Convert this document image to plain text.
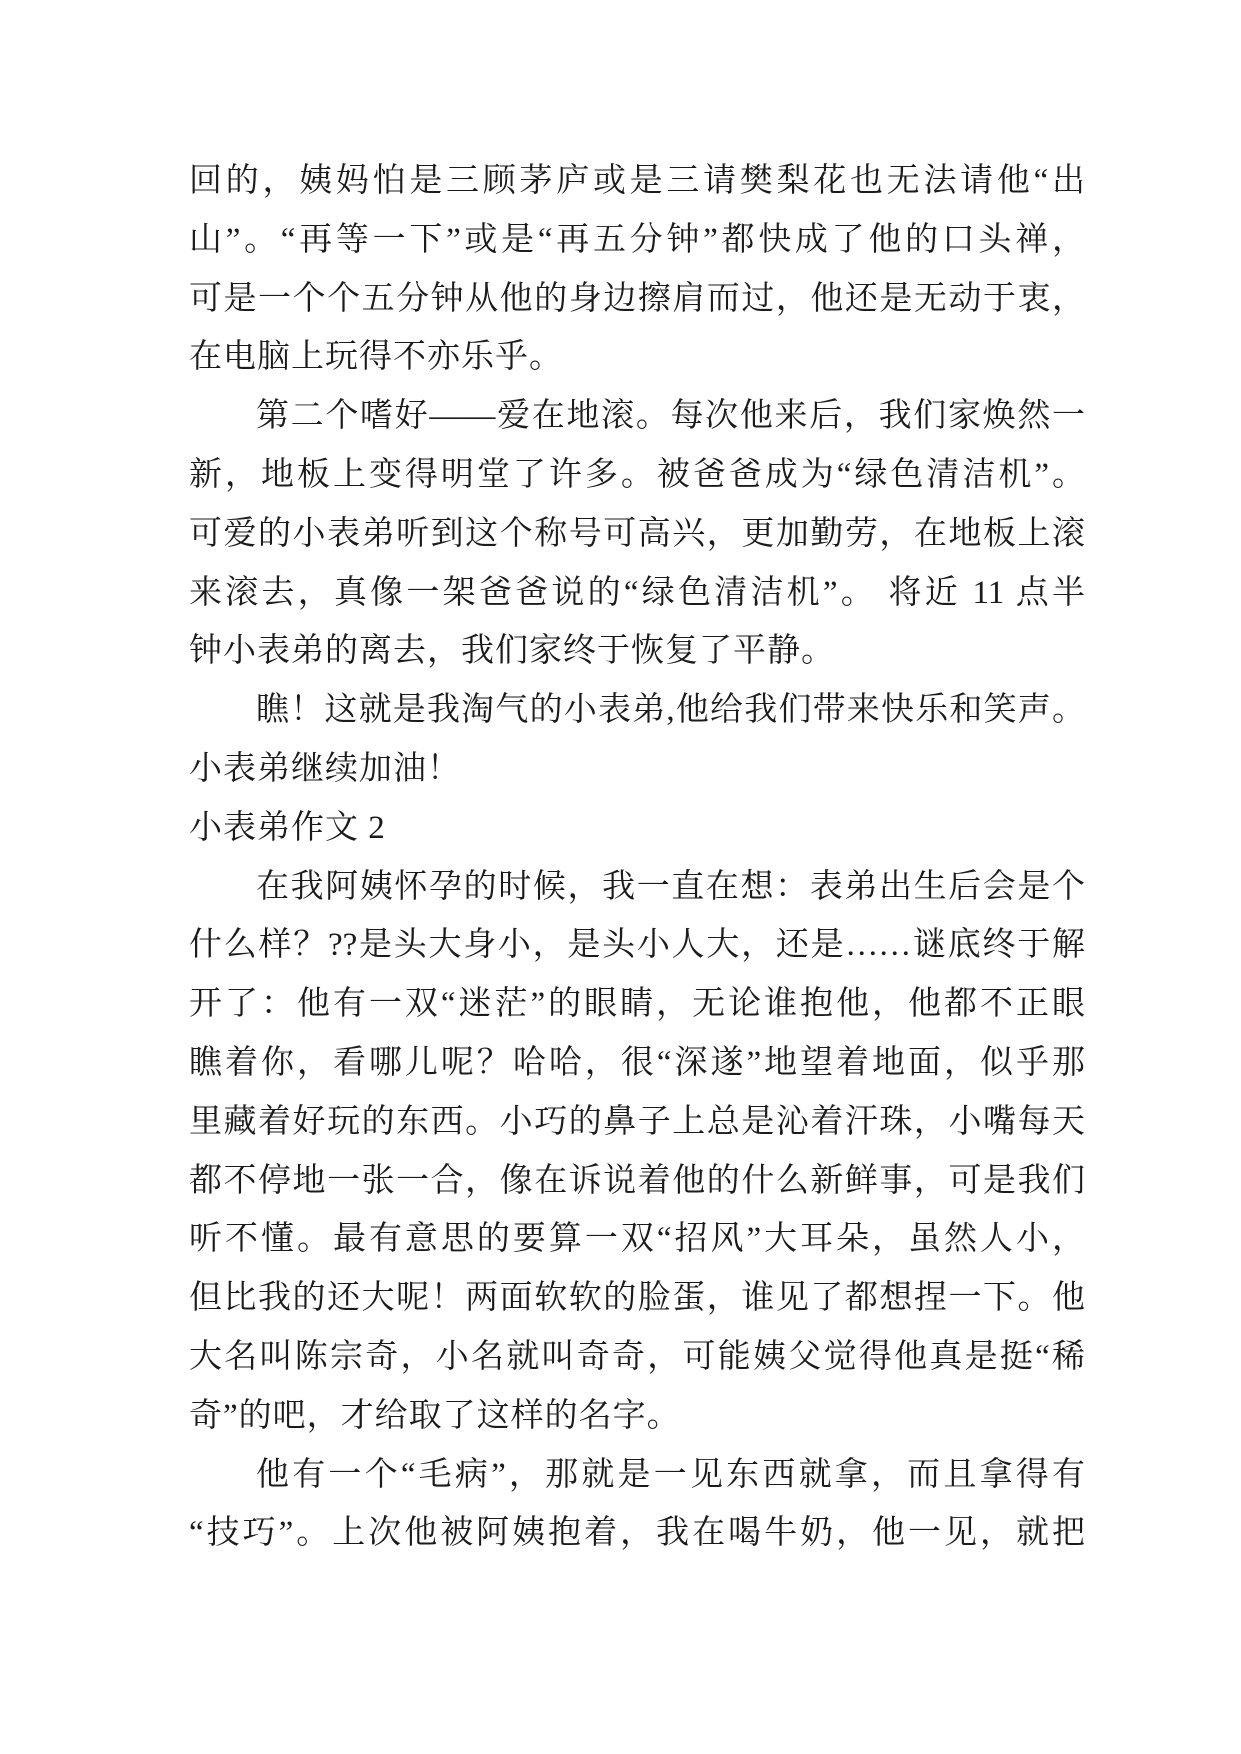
回的，姨妈怕是三顾茅庐或是三请樊梨花也无法请他“出
山”。“再等一下”或是“再五分钟”都快成了他的口头禅，
可是一个个五分钟从他的身边擦肩而过，他还是无动于衷，
在电脑上玩得不亦乐乎。
第二个嗜好——爱在地滚。每次他来后，我们家焕然一
新，地板上变得明堂了许多。被爸爸成为“绿色清洁机”。
可爱的小表弟听到这个称号可高兴，更加勤劳，在地板上滚
来滚去，真像一架爸爸说的“绿色清洁机”。 将近 11 点半
钟小表弟的离去，我们家终于恢复了平静。
瞧！这就是我淘气的小表弟,他给我们带来快乐和笑声。
小表弟继续加油！
小表弟作文 2
在我阿姨怀孕的时候，我一直在想：表弟出生后会是个
什么样？??是头大身小，是头小人大，还是……谜底终于解
开了：他有一双“迷茫”的眼睛，无论谁抱他，他都不正眼
瞧着你，看哪儿呢？哈哈，很“深遂”地望着地面，似乎那
里藏着好玩的东西。小巧的鼻子上总是沁着汗珠，小嘴每天
都不停地一张一合，像在诉说着他的什么新鲜事，可是我们
听不懂。最有意思的要算一双“招风”大耳朵，虽然人小，
但比我的还大呢！两面软软的脸蛋，谁见了都想捏一下。他
大名叫陈宗奇，小名就叫奇奇，可能姨父觉得他真是挺“稀
奇”的吧，才给取了这样的名字。
他有一个“毛病”，那就是一见东西就拿，而且拿得有
“技巧”。上次他被阿姨抱着，我在喝牛奶，他一见，就把
